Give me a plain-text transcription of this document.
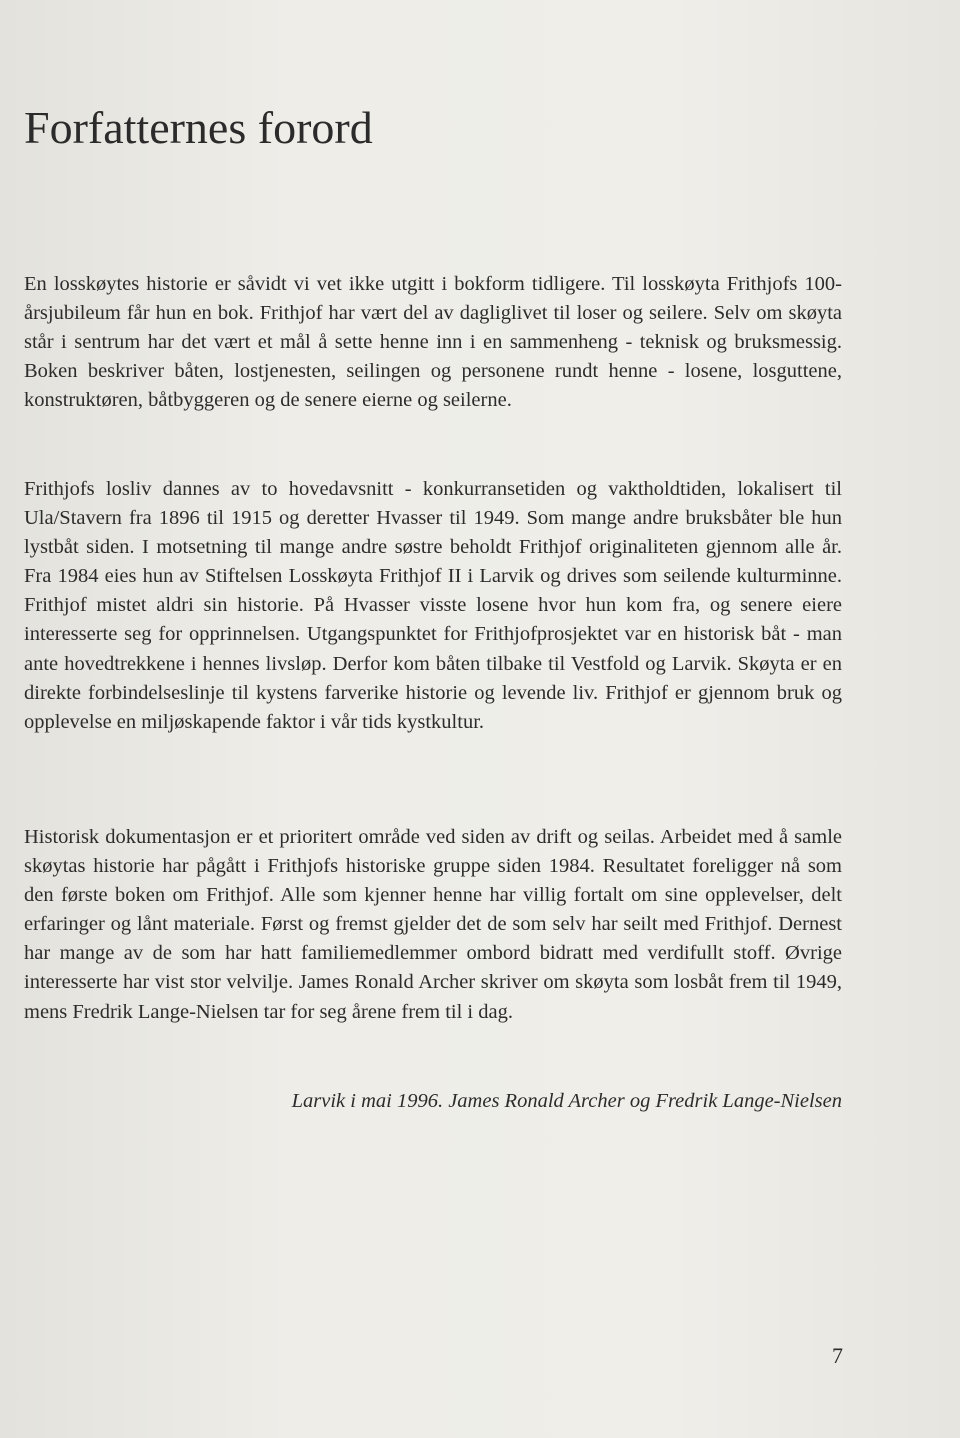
Forfatternes forord

En losskøytes historie er såvidt vi vet ikke utgitt i bokform tidligere. Til losskøyta Frithjofs 100-årsjubileum får hun en bok. Frithjof har vært del av dagliglivet til loser og seilere. Selv om skøyta står i sentrum har det vært et mål å sette henne inn i en sammenheng - teknisk og bruksmessig. Boken beskriver båten, lostjenesten, seilingen og personene rundt henne - losene, losguttene, konstruktøren, båtbyggeren og de senere eierne og seilerne.

Frithjofs losliv dannes av to hovedavsnitt - konkurransetiden og vaktholdtiden, lokalisert til Ula/Stavern fra 1896 til 1915 og deretter Hvasser til 1949. Som mange andre bruksbåter ble hun lystbåt siden. I motsetning til mange andre søstre beholdt Frithjof originaliteten gjennom alle år. Fra 1984 eies hun av Stiftelsen Losskøyta Frithjof II i Larvik og drives som seilende kulturminne. Frithjof mistet aldri sin historie. På Hvasser visste losene hvor hun kom fra, og senere eiere interesserte seg for opprinnelsen. Utgangspunktet for Frithjofprosjektet var en historisk båt - man ante hovedtrekkene i hennes livsløp. Derfor kom båten tilbake til Vestfold og Larvik. Skøyta er en direkte forbindelseslinje til kystens farverike historie og levende liv. Frithjof er gjennom bruk og opplevelse en miljøskapende faktor i vår tids kystkultur.

Historisk dokumentasjon er et prioritert område ved siden av drift og seilas. Arbeidet med å samle skøytas historie har pågått i Frithjofs historiske gruppe siden 1984. Resultatet foreligger nå som den første boken om Frithjof. Alle som kjenner henne har villig fortalt om sine opplevelser, delt erfaringer og lånt materiale. Først og fremst gjelder det de som selv har seilt med Frithjof. Dernest har mange av de som har hatt familiemedlemmer ombord bidratt med verdifullt stoff. Øvrige interesserte har vist stor velvilje. James Ronald Archer skriver om skøyta som losbåt frem til 1949, mens Fredrik Lange-Nielsen tar for seg årene frem til i dag.

Larvik i mai 1996. James Ronald Archer og Fredrik Lange-Nielsen

7
